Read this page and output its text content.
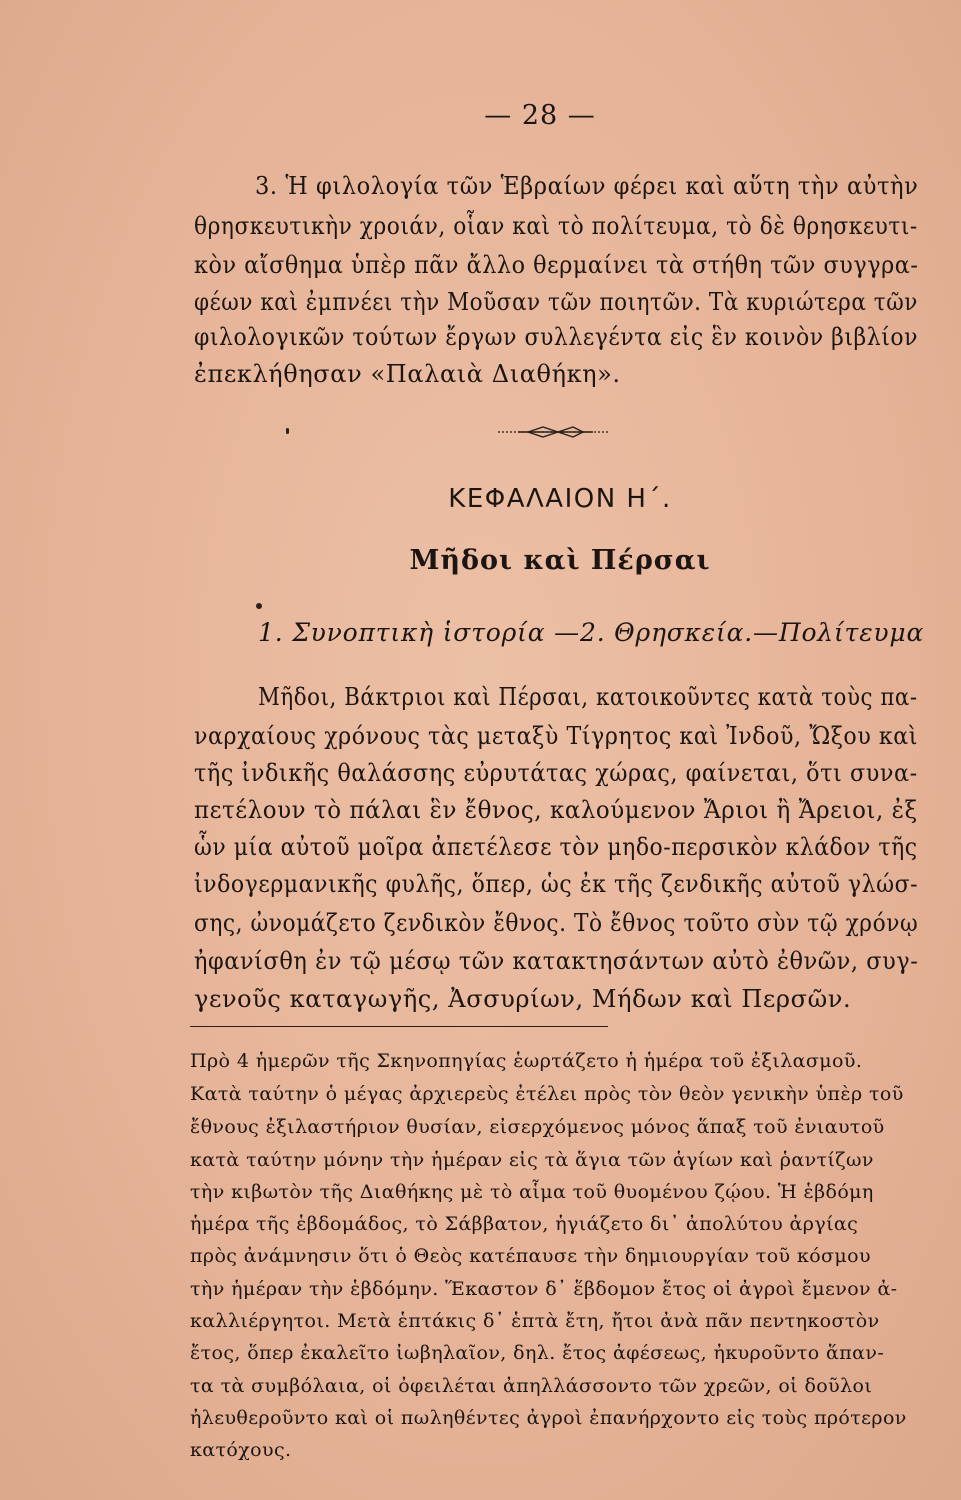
— 28 —
3. Ἡ φιλολογία τῶν Ἑβραίων φέρει καὶ αὕτη τὴν αὐτὴν
θρησκευτικὴν χροιάν, οἷαν καὶ τὸ πολίτευμα, τὸ δὲ θρησκευτι-
κὸν αἴσθημα ὑπὲρ πᾶν ἄλλο θερμαίνει τὰ στήθη τῶν συγγρα-
φέων καὶ ἐμπνέει τὴν Μοῦσαν τῶν ποιητῶν. Τὰ κυριώτερα τῶν
φιλολογικῶν τούτων ἔργων συλλεγέντα εἰς ἓν κοινὸν βιβλίον
ἐπεκλήθησαν «Παλαιὰ Διαθήκη».
ΚΕΦΑΛΑΙΟΝ Η΄.
Μῆδοι καὶ Πέρσαι
1. Συνοπτικὴ ἱστορία —2. Θρησκεία.—Πολίτευμα
Μῆδοι, Βάκτριοι καὶ Πέρσαι, κατοικοῦντες κατὰ τοὺς πα-
ναρχαίους χρόνους τὰς μεταξὺ Τίγρητος καὶ Ἰνδοῦ, Ὤξου καὶ
τῆς ἰνδικῆς θαλάσσης εὐρυτάτας χώρας, φαίνεται, ὅτι συνα-
πετέλουν τὸ πάλαι ἓν ἔθνος, καλούμενον Ἄριοι ἢ Ἄρειοι, ἐξ
ὧν μία αὐτοῦ μοῖρα ἀπετέλεσε τὸν μηδο-περσικὸν κλάδον τῆς
ἰνδογερμανικῆς φυλῆς, ὅπερ, ὡς ἐκ τῆς ζενδικῆς αὐτοῦ γλώσ-
σης, ὠνομάζετο ζενδικὸν ἔθνος. Τὸ ἔθνος τοῦτο σὺν τῷ χρόνῳ
ἠφανίσθη ἐν τῷ μέσῳ τῶν κατακτησάντων αὐτὸ ἐθνῶν, συγ-
γενοῦς καταγωγῆς, Ἀσσυρίων, Μήδων καὶ Περσῶν.
Πρὸ 4 ἡμερῶν τῆς Σκηνοπηγίας ἑωρτάζετο ἡ ἡμέρα τοῦ ἐξιλασμοῦ.
Κατὰ ταύτην ὁ μέγας ἀρχιερεὺς ἐτέλει πρὸς τὸν θεὸν γενικὴν ὑπὲρ τοῦ
ἔθνους ἐξιλαστήριον θυσίαν, εἰσερχόμενος μόνος ἅπαξ τοῦ ἐνιαυτοῦ
κατὰ ταύτην μόνην τὴν ἡμέραν εἰς τὰ ἅγια τῶν ἁγίων καὶ ῥαντίζων
τὴν κιβωτὸν τῆς Διαθήκης μὲ τὸ αἷμα τοῦ θυομένου ζῴου. Ἡ ἑβδόμη
ἡμέρα τῆς ἑβδομάδος, τὸ Σάββατον, ἡγιάζετο δι᾿ ἀπολύτου ἀργίας
πρὸς ἀνάμνησιν ὅτι ὁ Θεὸς κατέπαυσε τὴν δημιουργίαν τοῦ κόσμου
τὴν ἡμέραν τὴν ἑβδόμην. Ἕκαστον δ᾿ ἕβδομον ἔτος οἱ ἀγροὶ ἔμενον ἀ-
καλλιέργητοι. Μετὰ ἑπτάκις δ᾿ ἑπτὰ ἔτη, ἤτοι ἀνὰ πᾶν πεντηκοστὸν
ἔτος, ὅπερ ἐκαλεῖτο ἰωβηλαῖον, δηλ. ἔτος ἀφέσεως, ἠκυροῦντο ἅπαν-
τα τὰ συμβόλαια, οἱ ὀφειλέται ἀπηλλάσσοντο τῶν χρεῶν, οἱ δοῦλοι
ἠλευθεροῦντο καὶ οἱ πωληθέντες ἀγροὶ ἐπανήρχοντο εἰς τοὺς πρότερον
κατόχους.
